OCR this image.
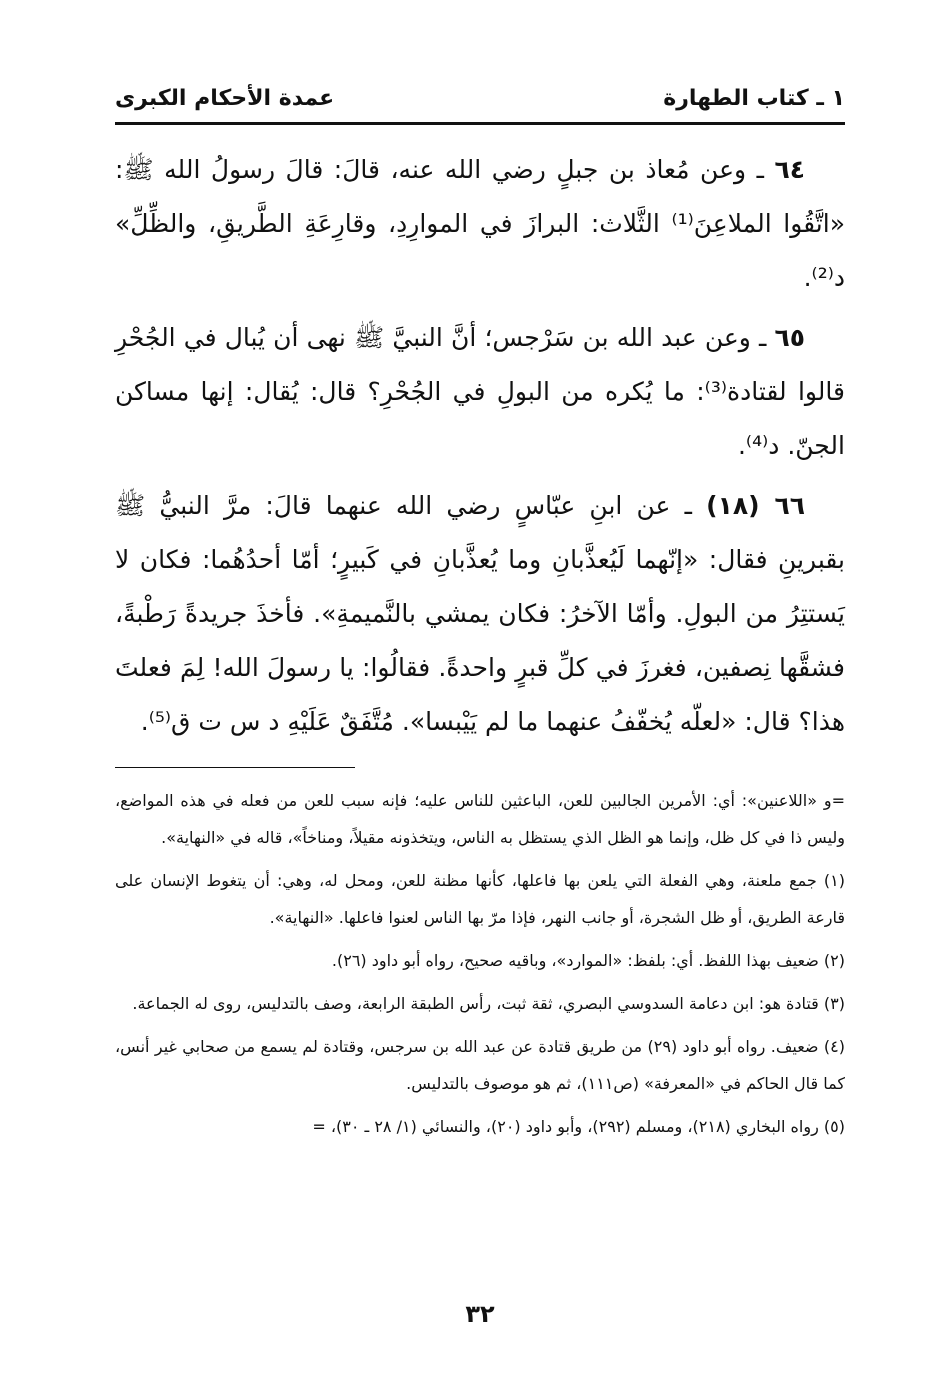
١ ـ كتاب الطهارة
عمدة الأحكام الكبرى

٦٤ ـ وعن مُعاذ بن جبلٍ رضي الله عنه، قالَ: قالَ رسولُ الله ﷺ: «اتَّقُوا الملاعِنَ⁽¹⁾ الثَّلاث: البرازَ في الموارِدِ، وقارِعَةِ الطَّريقِ، والظِّلِّ» د⁽²⁾.

٦٥ ـ وعن عبد الله بن سَرْجس؛ أنَّ النبيَّ ﷺ نهى أن يُبال في الجُحْرِ قالوا لقتادة⁽³⁾: ما يُكره من البولِ في الجُحْرِ؟ قال: يُقال: إنها مساكن الجنّ. د⁽⁴⁾.

٦٦ (١٨) ـ عن ابنِ عبّاسٍ رضي الله عنهما قالَ: مرَّ النبيُّ ﷺ بقبرينِ فقال: «إنّهما لَيُعذَّبانِ وما يُعذَّبانِ في كَبيرٍ؛ أمّا أحدُهُما: فكان لا يَستتِرُ من البولِ. وأمّا الآخرُ: فكان يمشي بالنَّميمةِ». فأخذَ جريدةً رَطْبةً، فشقَّها نِصفين، فغرزَ في كلِّ قبرٍ واحدةً. فقالُوا: يا رسولَ الله! لِمَ فعلتَ هذا؟ قال: «لعلّه يُخفّفُ عنهما ما لم يَيْبسا». مُتَّفَقٌ عَلَيْهِ د س ت ق⁽⁵⁾.

=و «اللاعنين»: أي: الأمرين الجالبين للعن، الباعثين للناس عليه؛ فإنه سبب للعن من فعله في هذه المواضع، وليس ذا في كل ظل، وإنما هو الظل الذي يستظل به الناس، ويتخذونه مقيلاً، ومناخاً»، قاله في «النهاية».

(١) جمع ملعنة، وهي الفعلة التي يلعن بها فاعلها، كأنها مظنة للعن، ومحل له، وهي: أن يتغوط الإنسان على قارعة الطريق، أو ظل الشجرة، أو جانب النهر، فإذا مرّ بها الناس لعنوا فاعلها. «النهاية».

(٢) ضعيف بهذا اللفظ. أي: بلفظ: «الموارد»، وباقيه صحيح، رواه أبو داود (٢٦).

(٣) قتادة هو: ابن دعامة السدوسي البصري، ثقة ثبت، رأس الطبقة الرابعة، وصف بالتدليس، روى له الجماعة.

(٤) ضعيف. رواه أبو داود (٢٩) من طريق قتادة عن عبد الله بن سرجس، وقتادة لم يسمع من صحابي غير أنس، كما قال الحاكم في «المعرفة» (ص١١١)، ثم هو موصوف بالتدليس.

(٥) رواه البخاري (٢١٨)، ومسلم (٢٩٢)، وأبو داود (٢٠)، والنسائي (١/ ٢٨ ـ ٣٠)، =

٣٢
